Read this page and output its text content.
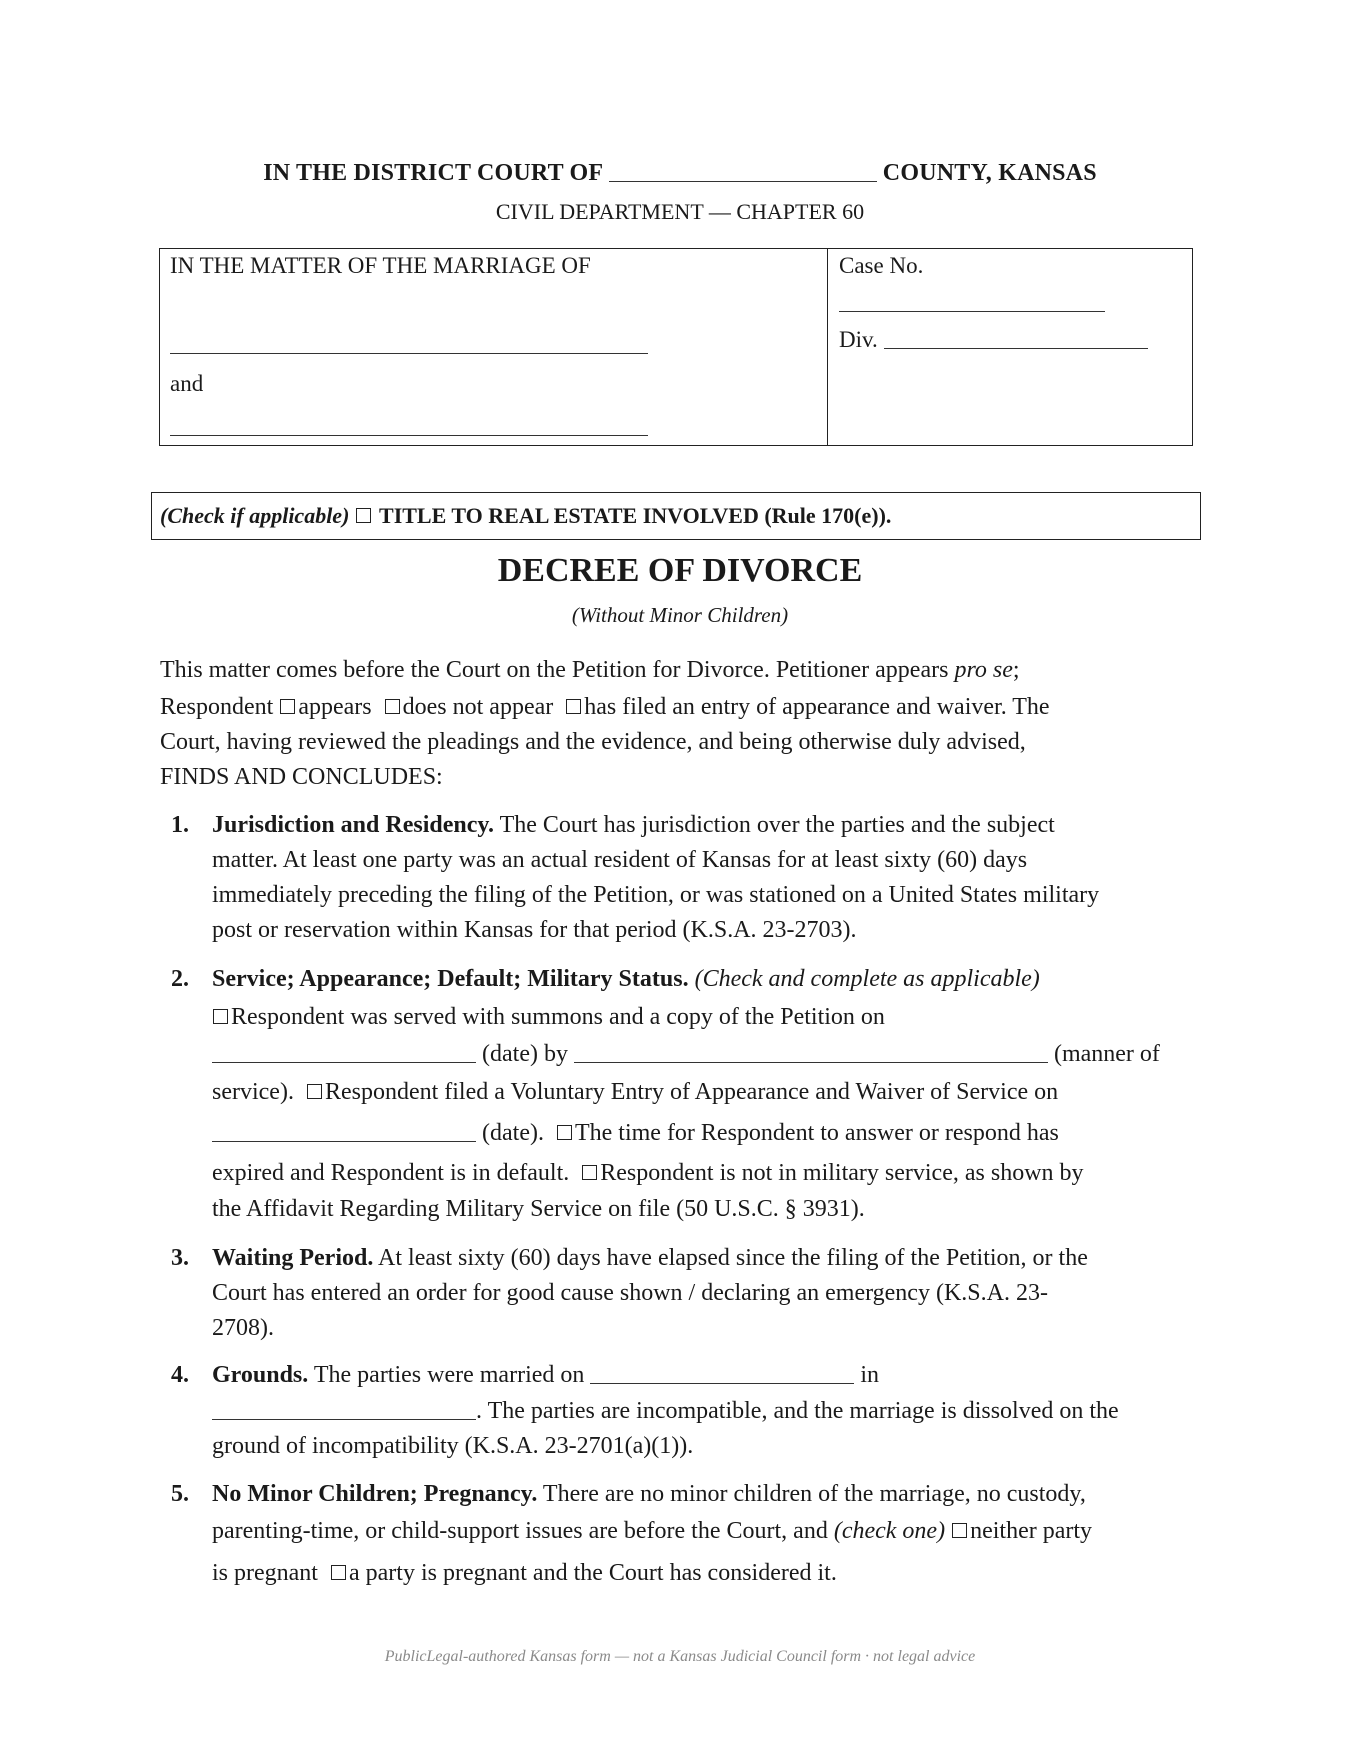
IN THE DISTRICT COURT OF	COUNTY, KANSAS
CIVIL DEPARTMENT — CHAPTER 60
IN THE MATTER OF THE MARRIAGE OF
and
Case No.
Div.
(Check if applicable) TITLE TO REAL ESTATE INVOLVED (Rule 170(e)).
DECREE OF DIVORCE
(Without Minor Children)
This matter comes before the Court on the Petition for Divorce. Petitioner appears pro se;
Respondent appears does not appear has filed an entry of appearance and waiver. The
Court, having reviewed the pleadings and the evidence, and being otherwise duly advised,
FINDS AND CONCLUDES:
1. Jurisdiction and Residency. The Court has jurisdiction over the parties and the subject
matter. At least one party was an actual resident of Kansas for at least sixty (60) days
immediately preceding the filing of the Petition, or was stationed on a United States military
post or reservation within Kansas for that period (K.S.A. 23-2703).
2. Service; Appearance; Default; Military Status. (Check and complete as applicable)
Respondent was served with summons and a copy of the Petition on
(date) by	(manner of
service). Respondent filed a Voluntary Entry of Appearance and Waiver of Service on
(date). The time for Respondent to answer or respond has
expired and Respondent is in default. Respondent is not in military service, as shown by
the Affidavit Regarding Military Service on file (50 U.S.C. § 3931).
3. Waiting Period. At least sixty (60) days have elapsed since the filing of the Petition, or the
Court has entered an order for good cause shown / declaring an emergency (K.S.A. 23-
2708).
4. Grounds. The parties were married on	in
. The parties are incompatible, and the marriage is dissolved on the
ground of incompatibility (K.S.A. 23-2701(a)(1)).
5. No Minor Children; Pregnancy. There are no minor children of the marriage, no custody,
parenting-time, or child-support issues are before the Court, and (check one) neither party
is pregnant a party is pregnant and the Court has considered it.
PublicLegal-authored Kansas form — not a Kansas Judicial Council form · not legal advice
